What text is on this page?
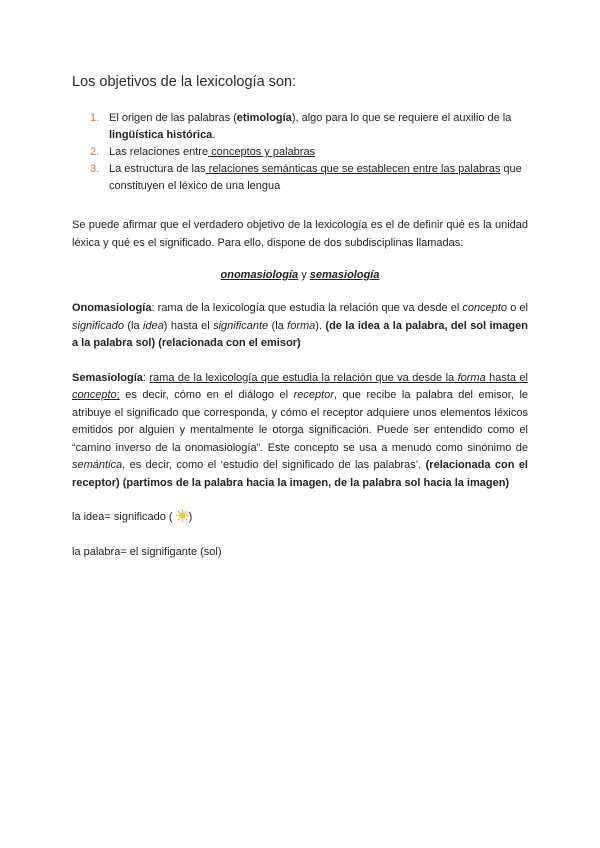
Los objetivos de la lexicología son:
1. El origen de las palabras (etimología), algo para lo que se requiere el auxilio de la lingüística histórica.
2. Las relaciones entre conceptos y palabras
3. La estructura de las relaciones semánticas que se establecen entre las palabras que constituyen el léxico de una lengua

Se puede afirmar que el verdadero objetivo de la lexicología es el de definir qué es la unidad léxica y qué es el significado. Para ello, dispone de dos subdisciplinas llamadas:

onomasiología y semasiología

Onomasiología: rama de la lexicología que estudia la relación que va desde el concepto o el significado (la idea) hasta el significante (la forma). (de la idea a la palabra, del sol imagen a la palabra sol) (relacionada con el emisor)

Semasiología: rama de la lexicología que estudia la relación que va desde la forma hasta el concepto; es decir, cómo en el diálogo el receptor, que recibe la palabra del emisor, le atribuye el significado que corresponda, y cómo el receptor adquiere unos elementos léxicos emitidos por alguien y mentalmente le otorga significación. Puede ser entendido como el “camino inverso de la onomasiología”. Este concepto se usa a menudo como sinónimo de semántica, es decir, como el ‘estudio del significado de las palabras’. (relacionada con el receptor) (partimos de la palabra hacia la imagen, de la palabra sol hacia la imagen)

la idea= significado ( )

la palabra= el signifigante (sol)
